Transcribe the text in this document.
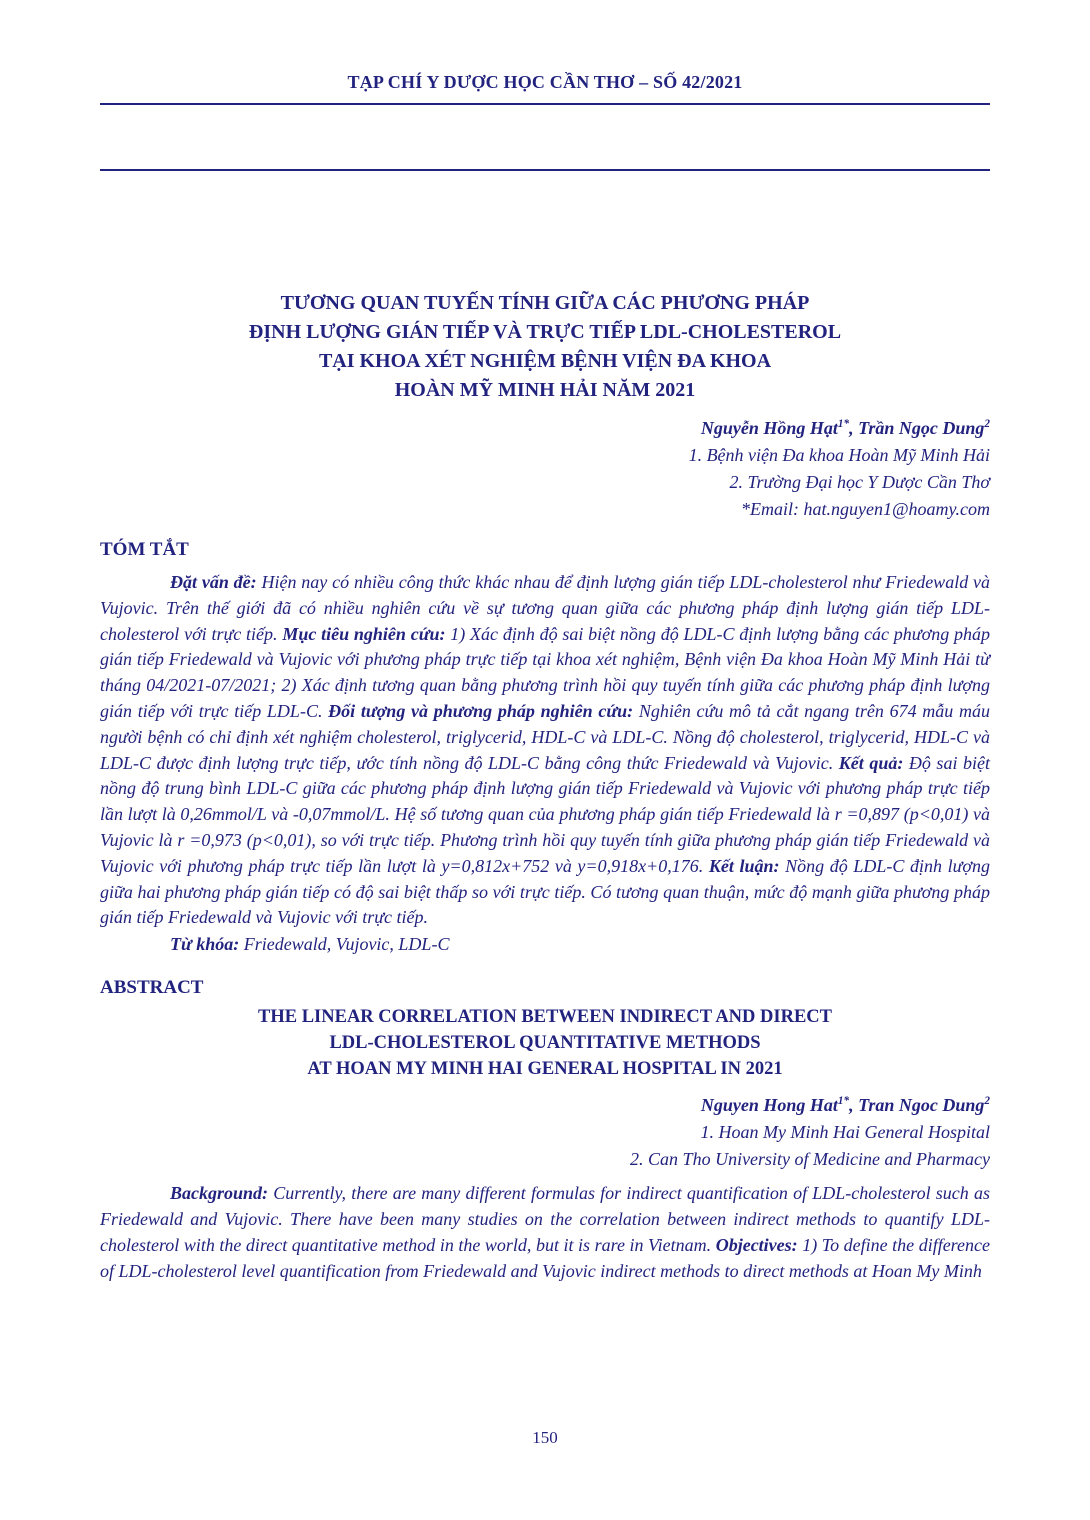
TẠP CHÍ Y DƯỢC HỌC CẦN THƠ – SỐ 42/2021
TƯƠNG QUAN TUYẾN TÍNH GIỮA CÁC PHƯƠNG PHÁP
ĐỊNH LƯỢNG GIÁN TIẾP VÀ TRỰC TIẾP LDL-CHOLESTEROL
TẠI KHOA XÉT NGHIỆM BỆNH VIỆN ĐA KHOA
HOÀN MỸ MINH HẢI NĂM 2021
Nguyễn Hồng Hạt$^{1*}$, Trần Ngọc Dung$^2$
1. Bệnh viện Đa khoa Hoàn Mỹ Minh Hải
2. Trường Đại học Y Dược Cần Thơ
*Email: hat.nguyen1@hoamy.com
TÓM TẮT

Đặt vấn đề: Hiện nay có nhiều công thức khác nhau để định lượng gián tiếp LDL-cholesterol như Friedewald và Vujovic. Trên thế giới đã có nhiều nghiên cứu về sự tương quan giữa các phương pháp định lượng gián tiếp LDL-cholesterol với trực tiếp. Mục tiêu nghiên cứu: 1) Xác định độ sai biệt nồng độ LDL-C định lượng bằng các phương pháp gián tiếp Friedewald và Vujovic với phương pháp trực tiếp tại khoa xét nghiệm, Bệnh viện Đa khoa Hoàn Mỹ Minh Hải từ tháng 04/2021-07/2021; 2) Xác định tương quan bằng phương trình hồi quy tuyến tính giữa các phương pháp định lượng gián tiếp với trực tiếp LDL-C. Đối tượng và phương pháp nghiên cứu: Nghiên cứu mô tả cắt ngang trên 674 mẫu máu người bệnh có chỉ định xét nghiệm cholesterol, triglycerid, HDL-C và LDL-C. Nồng độ cholesterol, triglycerid, HDL-C và LDL-C được định lượng trực tiếp, ước tính nồng độ LDL-C bằng công thức Friedewald và Vujovic. Kết quả: Độ sai biệt nồng độ trung bình LDL-C giữa các phương pháp định lượng gián tiếp Friedewald và Vujovic với phương pháp trực tiếp lần lượt là 0,26mmol/L và -0,07mmol/L. Hệ số tương quan của phương pháp gián tiếp Friedewald là r =0,897 (p<0,01) và Vujovic là r =0,973 (p<0,01), so với trực tiếp. Phương trình hồi quy tuyến tính giữa phương pháp gián tiếp Friedewald và Vujovic với phương pháp trực tiếp lần lượt là y=0,812x+752 và y=0,918x+0,176. Kết luận: Nồng độ LDL-C định lượng giữa hai phương pháp gián tiếp có độ sai biệt thấp so với trực tiếp. Có tương quan thuận, mức độ mạnh giữa phương pháp gián tiếp Friedewald và Vujovic với trực tiếp.

Từ khóa: Friedewald, Vujovic, LDL-C

ABSTRACT
THE LINEAR CORRELATION BETWEEN INDIRECT AND DIRECT
LDL-CHOLESTEROL QUANTITATIVE METHODS
AT HOAN MY MINH HAI GENERAL HOSPITAL IN 2021
Nguyen Hong Hat$^{1*}$, Tran Ngoc Dung$^2$
1. Hoan My Minh Hai General Hospital
2. Can Tho University of Medicine and Pharmacy

Background: Currently, there are many different formulas for indirect quantification of LDL-cholesterol such as Friedewald and Vujovic. There have been many studies on the correlation between indirect methods to quantify LDL-cholesterol with the direct quantitative method in the world, but it is rare in Vietnam. Objectives: 1) To define the difference of LDL-cholesterol level quantification from Friedewald and Vujovic indirect methods to direct methods at Hoan My Minh

150
